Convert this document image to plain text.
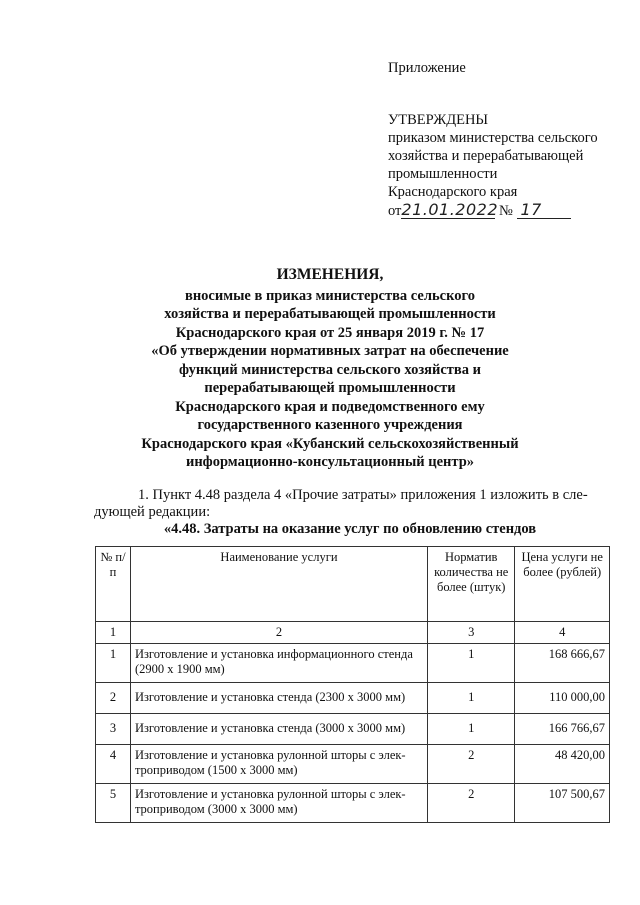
Приложение
УТВЕРЖДЕНЫ
приказом министерства сельского
хозяйства и перерабатывающей
промышленности
Краснодарского края
от21.01.2022 № 17
ИЗМЕНЕНИЯ,
вносимые в приказ министерства сельского
хозяйства и перерабатывающей промышленности
Краснодарского края от 25 января 2019 г. № 17
«Об утверждении нормативных затрат на обеспечение
функций министерства сельского хозяйства и
перерабатывающей промышленности
Краснодарского края и подведомственного ему
государственного казенного учреждения
Краснодарского края «Кубанский сельскохозяйственный
информационно-консультационный центр»
1. Пункт 4.48 раздела 4 «Прочие затраты» приложения 1 изложить в сле-дующей редакции:
«4.48. Затраты на оказание услуг по обновлению стендов
№ п/п	Наименование услуги	Норматив количества не более (штук)	Цена услуги не более (рублей)
1	2	3	4
1	Изготовление и установка информационного стенда (2900 х 1900 мм)	1	168 666,67
2	Изготовление и установка стенда (2300 х 3000 мм)	1	110 000,00
3	Изготовление и установка стенда (3000 х 3000 мм)	1	166 766,67
4	Изготовление и установка рулонной шторы с элек-троприводом (1500 х 3000 мм)	2	48 420,00
5	Изготовление и установка рулонной шторы с элек-троприводом (3000 х 3000 мм)	2	107 500,67
